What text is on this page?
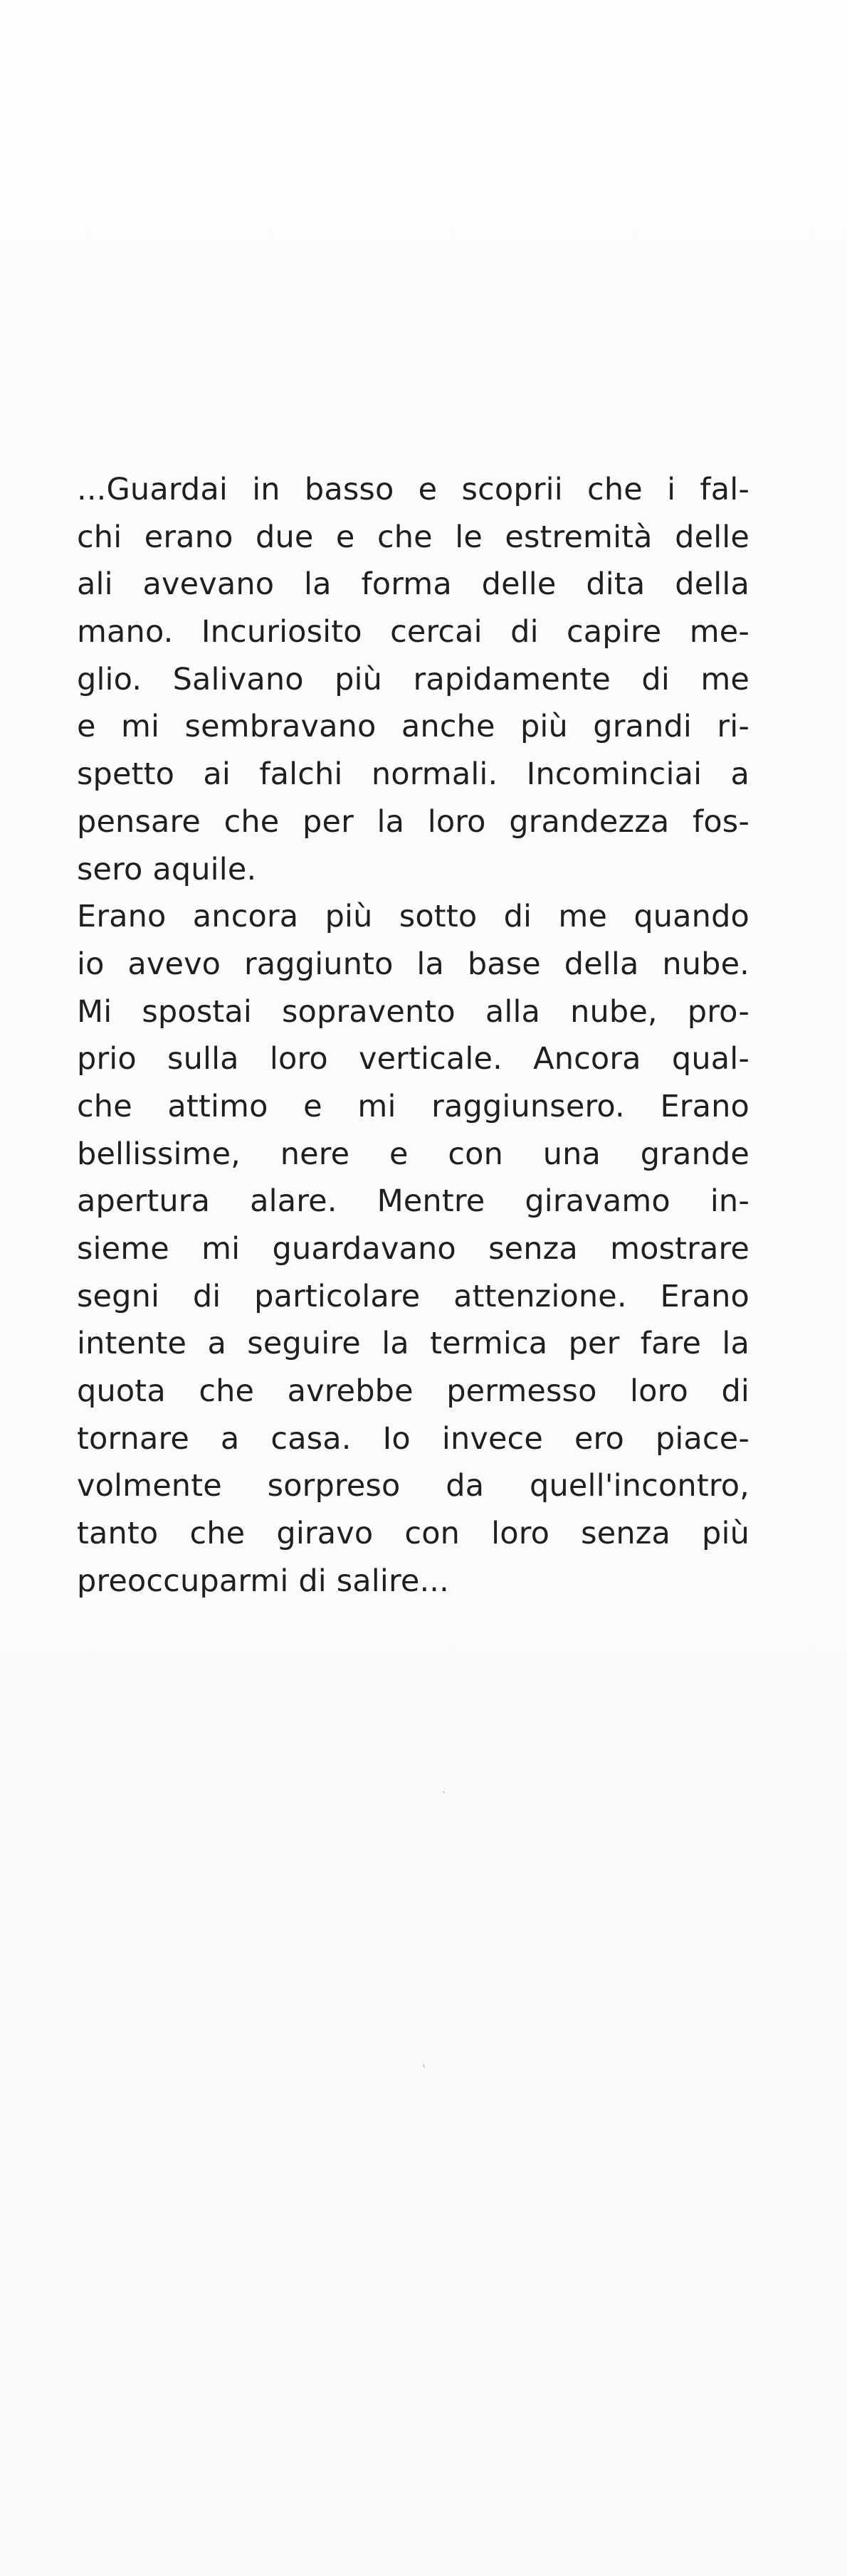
...Guardai in basso e scoprii che i fal-
chi erano due e che le estremità delle
ali avevano la forma delle dita della
mano. Incuriosito cercai di capire me-
glio. Salivano più rapidamente di me
e mi sembravano anche più grandi ri-
spetto ai falchi normali. Incominciai a
pensare che per la loro grandezza fos-
sero aquile.
Erano ancora più sotto di me quando
io avevo raggiunto la base della nube.
Mi spostai sopravento alla nube, pro-
prio sulla loro verticale. Ancora qual-
che attimo e mi raggiunsero. Erano
bellissime, nere e con una grande
apertura alare. Mentre giravamo in-
sieme mi guardavano senza mostrare
segni di particolare attenzione. Erano
intente a seguire la termica per fare la
quota che avrebbe permesso loro di
tornare a casa. Io invece ero piace-
volmente sorpreso da quell'incontro,
tanto che giravo con loro senza più
preoccuparmi di salire...
`
,
